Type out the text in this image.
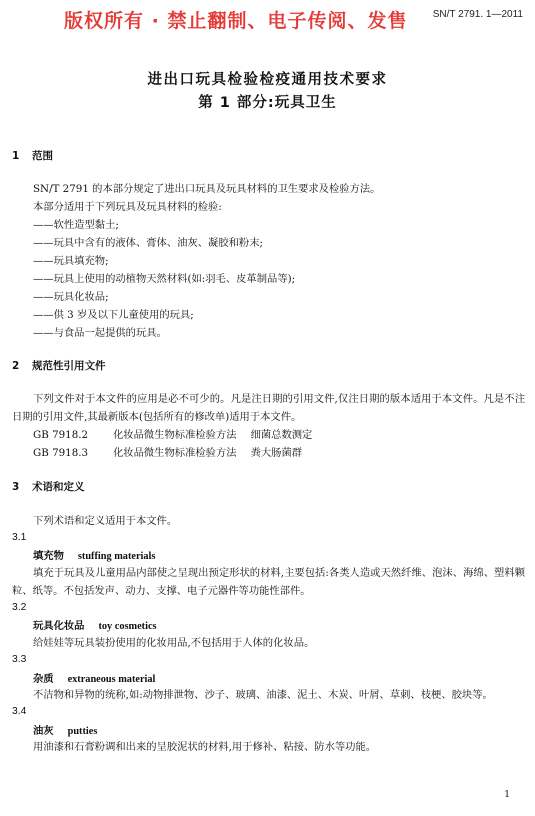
版权所有 · 禁止翻制、电子传阅、发售	SN/T 2791. 1—2011
进出口玩具检验检疫通用技术要求
第 1 部分:玩具卫生
1 范围
SN/T 2791 的本部分规定了进出口玩具及玩具材料的卫生要求及检验方法。
本部分适用于下列玩具及玩具材料的检验:
——软性造型黏土;
——玩具中含有的液体、膏体、油灰、凝胶和粉末;
——玩具填充物;
——玩具上使用的动植物天然材料(如:羽毛、皮革制品等);
——玩具化妆品;
——供 3 岁及以下儿童使用的玩具;
——与食品一起提供的玩具。
2 规范性引用文件

下列文件对于本文件的应用是必不可少的。凡是注日期的引用文件,仅注日期的版本适用于本文件。凡是不注日期的引用文件,其最新版本(包括所有的修改单)适用于本文件。

GB 7918.2 化妆品微生物标准检验方法 细菌总数测定
GB 7918.3 化妆品微生物标准检验方法 粪大肠菌群
3 术语和定义
下列术语和定义适用于本文件。
3.1
填充物 stuffing materials

填充于玩具及儿童用品内部使之呈现出预定形状的材料,主要包括:各类人造或天然纤维、泡沫、海绵、塑料颗粒、纸等。不包括发声、动力、支撑、电子元器件等功能性部件。

3.2
玩具化妆品 toy cosmetics

给娃娃等玩具装扮使用的化妆用品,不包括用于人体的化妆品。

3.3
杂质 extraneous material

不洁物和异物的统称,如:动物排泄物、沙子、玻璃、油漆、泥土、木炭、叶屑、草刺、枝梗、胶块等。

3.4
油灰 putties

用油漆和石膏粉调和出来的呈胶泥状的材料,用于修补、粘接、防水等功能。

1
